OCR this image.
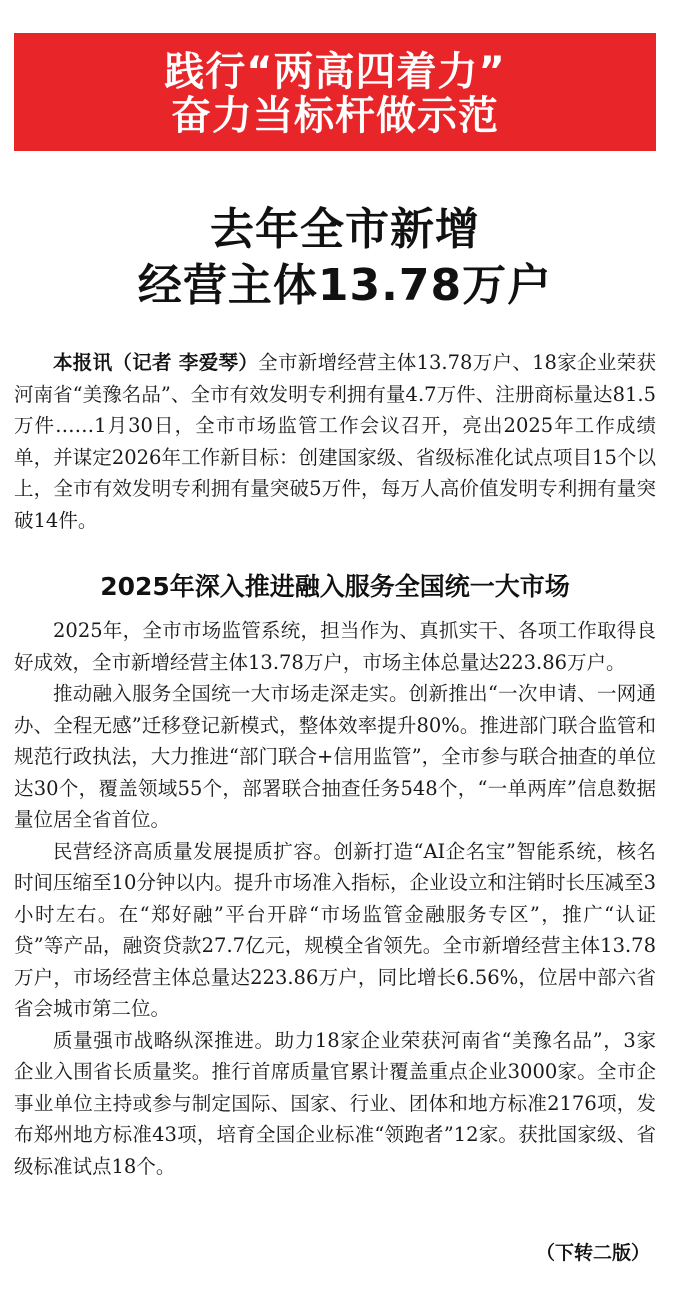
践行“两高四着力”
奋力当标杆做示范
去年全市新增
经营主体13.78万户

本报讯（记者 李爱琴）全市新增经营主体13.78万户、18家企业荣获河南省“美豫名品”、全市有效发明专利拥有量4.7万件、注册商标量达81.5万件……1月30日，全市市场监管工作会议召开，亮出2025年工作成绩单，并谋定2026年工作新目标：创建国家级、省级标准化试点项目15个以上，全市有效发明专利拥有量突破5万件，每万人高价值发明专利拥有量突破14件。

2025年深入推进融入服务全国统一大市场

2025年，全市市场监管系统，担当作为、真抓实干、各项工作取得良好成效，全市新增经营主体13.78万户，市场主体总量达223.86万户。

推动融入服务全国统一大市场走深走实。创新推出“一次申请、一网通办、全程无感”迁移登记新模式，整体效率提升80%。推进部门联合监管和规范行政执法，大力推进“部门联合+信用监管”，全市参与联合抽查的单位达30个，覆盖领域55个，部署联合抽查任务548个，“一单两库”信息数据量位居全省首位。

民营经济高质量发展提质扩容。创新打造“AI企名宝”智能系统，核名时间压缩至10分钟以内。提升市场准入指标，企业设立和注销时长压减至3小时左右。在“郑好融”平台开辟“市场监管金融服务专区”，推广“认证贷”等产品，融资贷款27.7亿元，规模全省领先。全市新增经营主体13.78万户，市场经营主体总量达223.86万户，同比增长6.56%，位居中部六省省会城市第二位。

质量强市战略纵深推进。助力18家企业荣获河南省“美豫名品”，3家企业入围省长质量奖。推行首席质量官累计覆盖重点企业3000家。全市企事业单位主持或参与制定国际、国家、行业、团体和地方标准2176项，发布郑州地方标准43项，培育全国企业标准“领跑者”12家。获批国家级、省级标准试点18个。

（下转二版）
